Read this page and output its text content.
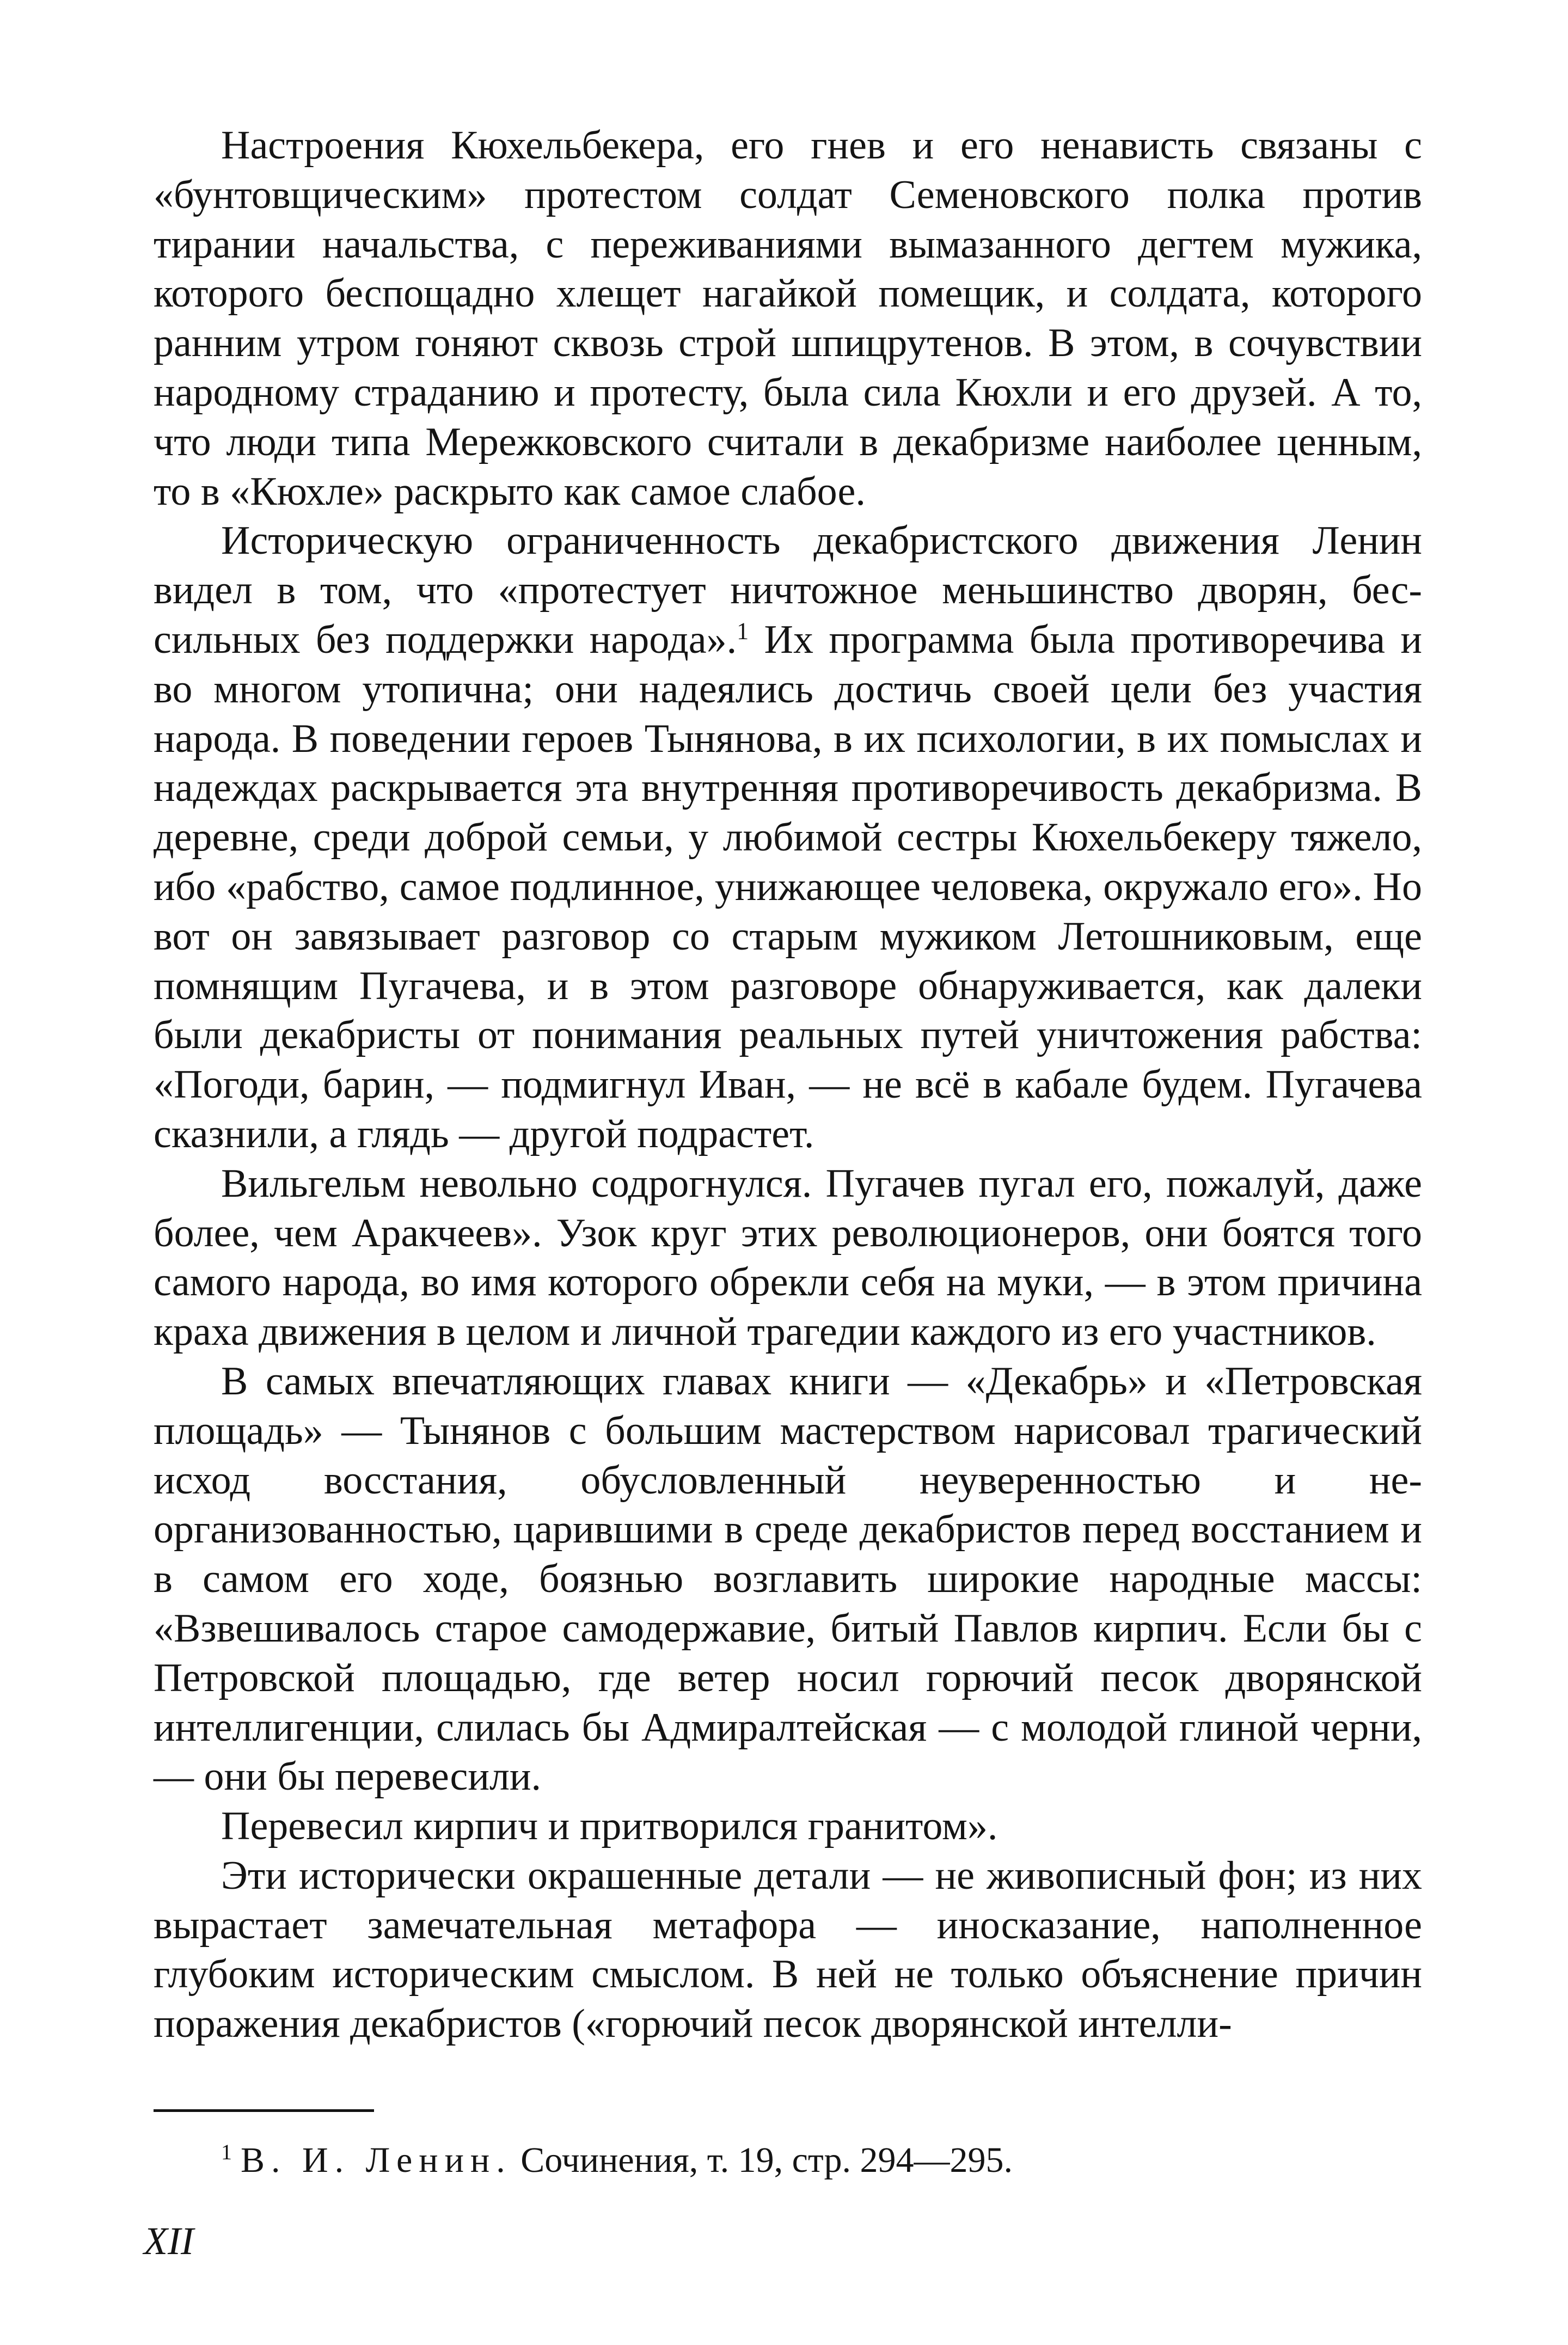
Настроения Кюхельбекера, его гнев и его ненависть связаны с «бунтовщическим» протестом солдат Семеновского полка против тирании начальства, с переживаниями вымазанного дегтем мужика, которого беспощадно хлещет нагайкой помещик, и солдата, которого ранним утром гоняют сквозь строй шпицрутенов. В этом, в сочувствии народному страданию и протесту, была сила Кюхли и его друзей. А то, что люди типа Мережковского считали в декабризме наиболее ценным, то в «Кюхле» раскрыто как самое слабое.

Историческую ограниченность декабристского движения Ленин видел в том, что «протестует ничтожное меньшинство дворян, бессильных без поддержки народа».$^1$ Их программа была противоречива и во многом утопична; они надеялись достичь своей цели без участия народа. В поведении героев Тынянова, в их психологии, в их помыслах и надеждах раскрывается эта внутренняя противоречивость декабризма. В деревне, среди доброй семьи, у любимой сестры Кюхельбекеру тяжело, ибо «рабство, самое подлинное, унижающее человека, окружало его». Но вот он завязывает разговор со старым мужиком Летошниковым, еще помнящим Пугачева, и в этом разговоре обнаруживается, как далеки были декабристы от понимания реальных путей уничтожения рабства: «Погоди, барин, — подмигнул Иван, — не всё в кабале будем. Пугачева сказнили, а глядь — другой подрастет.

Вильгельм невольно содрогнулся. Пугачев пугал его, пожалуй, даже более, чем Аракчеев». Узок круг этих революционеров, они боятся того самого народа, во имя которого обрекли себя на муки, — в этом причина краха движения в целом и личной трагедии каждого из его участников.

В самых впечатляющих главах книги — «Декабрь» и «Петровская площадь» — Тынянов с большим мастерством нарисовал трагический исход восстания, обусловленный неуверенностью и неорганизованностью, царившими в среде декабристов перед восстанием и в самом его ходе, боязнью возглавить широкие народные массы: «Взвешивалось старое самодержавие, битый Павлов кирпич. Если бы с Петровской площадью, где ветер носил горючий песок дворянской интеллигенции, слилась бы Адмиралтейская — с молодой глиной черни, — они бы перевесили.

Перевесил кирпич и притворился гранитом».

Эти исторически окрашенные детали — не живописный фон; из них вырастает замечательная метафора — иносказание, наполненное глубоким историческим смыслом. В ней не только объяснение причин поражения декабристов («горючий песок дворянской интелли-

$^1$ В. И. Ленин. Сочинения, т. 19, стр. 294—295.
XII
